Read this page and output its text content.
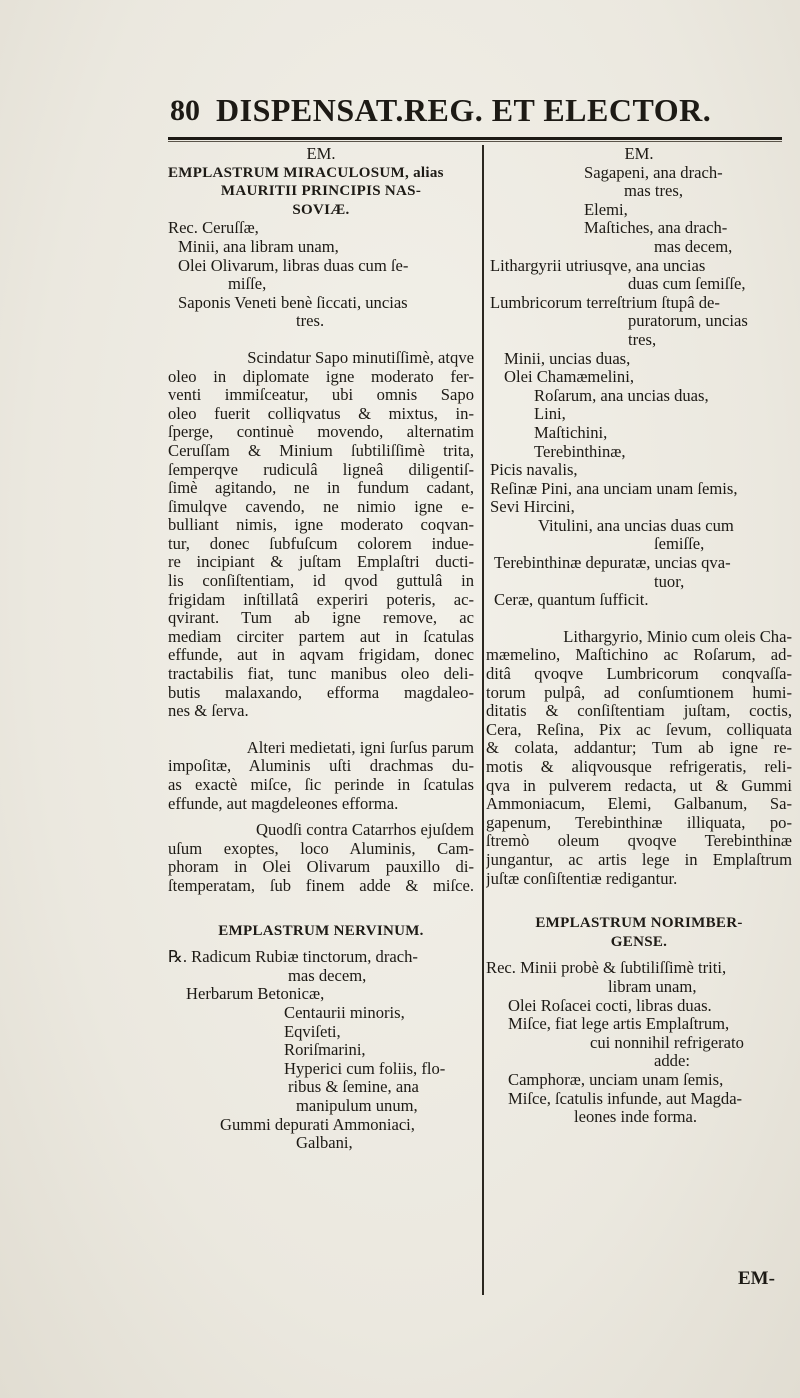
80 DISPENSAT.REG. ET ELECTOR.
EM.
EMPLASTRUM MIRACULOSUM, alias
MAURITII PRINCIPIS NAS-
SOVIÆ.
Rec. Ceruſſæ,
Minii, ana libram unam,
Olei Olivarum, libras duas cum ſe-
miſſe,
Saponis Veneti benè ſiccati, uncias
tres.
Scindatur Sapo minutiſſimè, atqve
oleo in diplomate igne moderato fer-
venti immiſceatur, ubi omnis Sapo
oleo fuerit colliqvatus & mixtus, in-
ſperge, continuè movendo, alternatim
Ceruſſam & Minium ſubtiliſſimè trita,
ſemperqve rudiculâ ligneâ diligentiſ-
ſimè agitando, ne in fundum cadant,
ſimulqve cavendo, ne nimio igne e-
bulliant nimis, igne moderato coqvan-
tur, donec ſubfuſcum colorem indue-
re incipiant & juſtam Emplaſtri ducti-
lis conſiſtentiam, id qvod guttulâ in
frigidam inſtillatâ experiri poteris, ac-
qvirant. Tum ab igne remove, ac
mediam circiter partem aut in ſcatulas
effunde, aut in aqvam frigidam, donec
tractabilis fiat, tunc manibus oleo deli-
butis malaxando, efforma magdaleo-
nes & ſerva.
Alteri medietati, igni ſurſus parum
impoſitæ, Aluminis uſti drachmas du-
as exactè miſce, ſic perinde in ſcatulas
effunde, aut magdeleones efforma.
Quodſi contra Catarrhos ejuſdem
uſum exoptes, loco Aluminis, Cam-
phoram in Olei Olivarum pauxillo di-
ſtemperatam, ſub finem adde & miſce.
EMPLASTRUM NERVINUM.
℞. Radicum Rubiæ tinctorum, drach-
mas decem,
Herbarum Betonicæ,
Centaurii minoris,
Eqviſeti,
Roriſmarini,
Hyperici cum foliis, flo-
ribus & ſemine, ana
manipulum unum,
Gummi depurati Ammoniaci,
Galbani,
EM.
Sagapeni, ana drach-
mas tres,
Elemi,
Maſtiches, ana drach-
mas decem,
Lithargyrii utriusqve, ana uncias
duas cum ſemiſſe,
Lumbricorum terreſtrium ſtupâ de-
puratorum, uncias
tres,
Minii, uncias duas,
Olei Chamæmelini,
Roſarum, ana uncias duas,
Lini,
Maſtichini,
Terebinthinæ,
Picis navalis,
Reſinæ Pini, ana unciam unam ſemis,
Sevi Hircini,
Vitulini, ana uncias duas cum
ſemiſſe,
Terebinthinæ depuratæ, uncias qva-
tuor,
Ceræ, quantum ſufficit.
Lithargyrio, Minio cum oleis Cha-
mæmelino, Maſtichino ac Roſarum, ad-
ditâ qvoqve Lumbricorum conqvaſſa-
torum pulpâ, ad conſumtionem humi-
ditatis & conſiſtentiam juſtam, coctis,
Cera, Reſina, Pix ac ſevum, colliquata
& colata, addantur; Tum ab igne re-
motis & aliqvousque refrigeratis, reli-
qva in pulverem redacta, ut & Gummi
Ammoniacum, Elemi, Galbanum, Sa-
gapenum, Terebinthinæ illiquata, po-
ſtremò oleum qvoqve Terebinthinæ
jungantur, ac artis lege in Emplaſtrum
juſtæ conſiſtentiæ redigantur.
EMPLASTRUM NORIMBER-
GENSE.
Rec. Minii probè & ſubtiliſſimè triti,
libram unam,
Olei Roſacei cocti, libras duas.
Miſce, fiat lege artis Emplaſtrum,
cui nonnihil refrigerato
adde:
Camphoræ, unciam unam ſemis,
Miſce, ſcatulis infunde, aut Magda-
leones inde forma.
EM-
